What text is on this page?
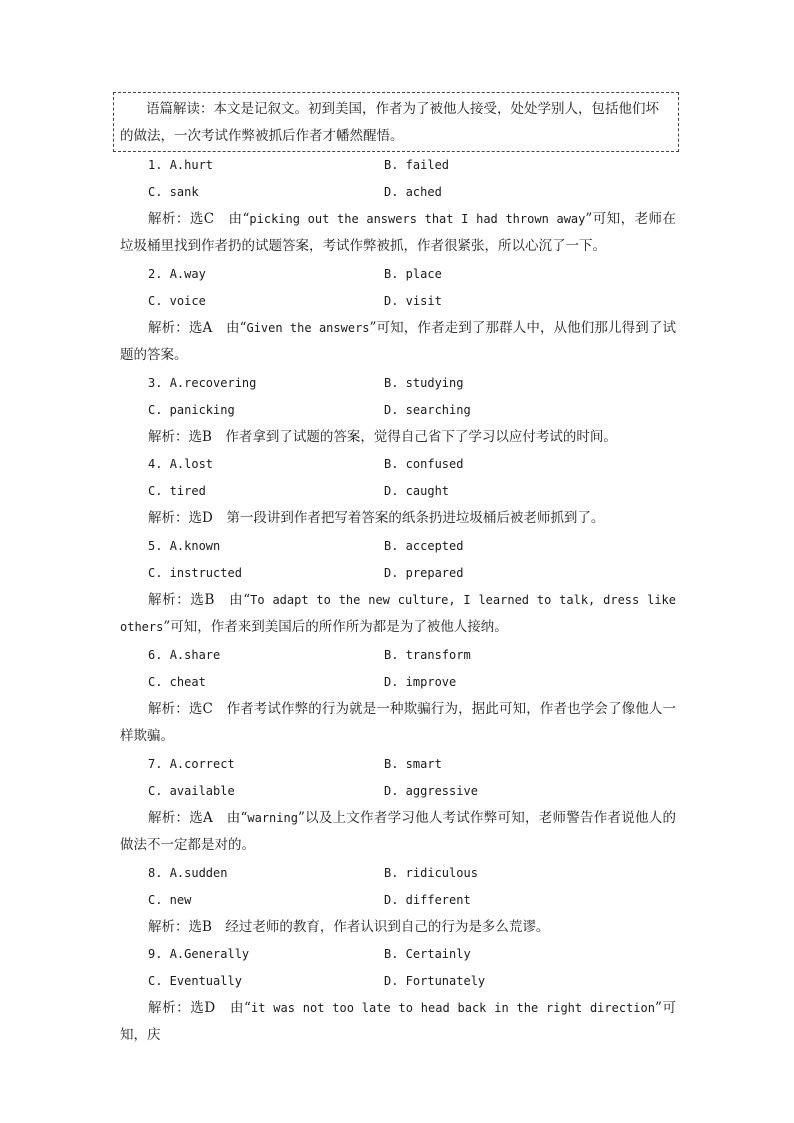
语篇解读：本文是记叙文。初到美国，作者为了被他人接受，处处学别人，包括他们坏的做法，一次考试作弊被抓后作者才幡然醒悟。
1. A.hurt	B. failed
C. sank	D. ached
解析：选C　由“picking out the answers that I had thrown away”可知，老师在垃圾桶里找到作者扔的试题答案，考试作弊被抓，作者很紧张，所以心沉了一下。
2. A.way	B. place
C. voice	D. visit
解析：选A　由“Given the answers”可知，作者走到了那群人中，从他们那儿得到了试题的答案。
3. A.recovering	B. studying
C. panicking	D. searching
解析：选B　作者拿到了试题的答案，觉得自己省下了学习以应付考试的时间。
4. A.lost	B. confused
C. tired	D. caught
解析：选D　第一段讲到作者把写着答案的纸条扔进垃圾桶后被老师抓到了。
5. A.known	B. accepted
C. instructed	D. prepared
解析：选B　由“To adapt to the new culture, I learned to talk, dress like others”可知，作者来到美国后的所作所为都是为了被他人接纳。
6. A.share	B. transform
C. cheat	D. improve
解析：选C　作者考试作弊的行为就是一种欺骗行为，据此可知，作者也学会了像他人一样欺骗。
7. A.correct	B. smart
C. available	D. aggressive
解析：选A　由“warning”以及上文作者学习他人考试作弊可知，老师警告作者说他人的做法不一定都是对的。
8. A.sudden	B. ridiculous
C. new	D. different
解析：选B　经过老师的教育，作者认识到自己的行为是多么荒谬。
9. A.Generally	B. Certainly
C. Eventually	D. Fortunately
解析：选D　由“it was not too late to head back in the right direction”可知，庆
